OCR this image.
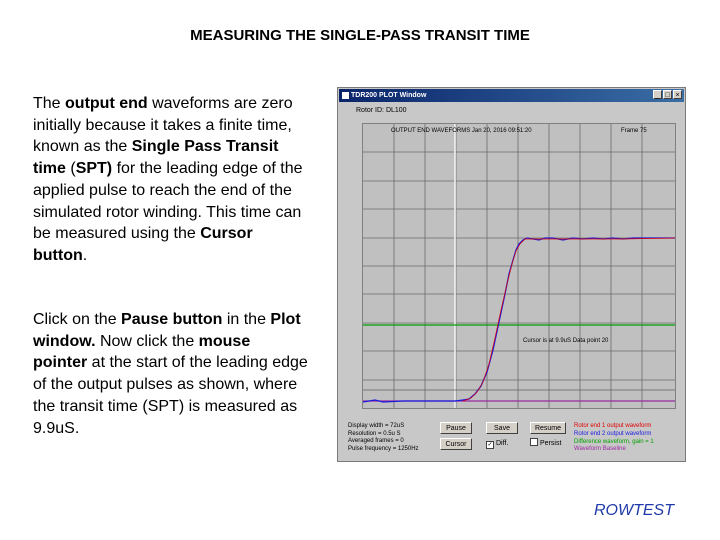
MEASURING THE SINGLE-PASS TRANSIT TIME
The output end waveforms are zero initially because it takes a finite time, known as the Single Pass Transit time (SPT) for the leading edge of the applied pulse to reach the end of the simulated rotor winding. This time can be measured using the Cursor button.
Click on the Pause button in the Plot window. Now click the mouse pointer at the start of the leading edge of the output pulses as shown, where the transit time (SPT) is measured as 9.9uS.
ROWTEST
TDR200 PLOT Window	_ □ ×
Rotor ID: DL100
OUTPUT END WAVEFORMS Jan 20, 2016 09:51:20	Frame 75
Cursor is at 9.9uS Data point 20
Display width = 72uS
Resolution = 0.5u S
Averaged frames = 0
Pulse frequency = 1250Hz
Pause	Save	Resume
Cursor	✓ Diff.	Persist
Rotor end 1 output waveform
Rotor end 2 output waveform
Difference waveform, gain = 1
Waveform Baseline
